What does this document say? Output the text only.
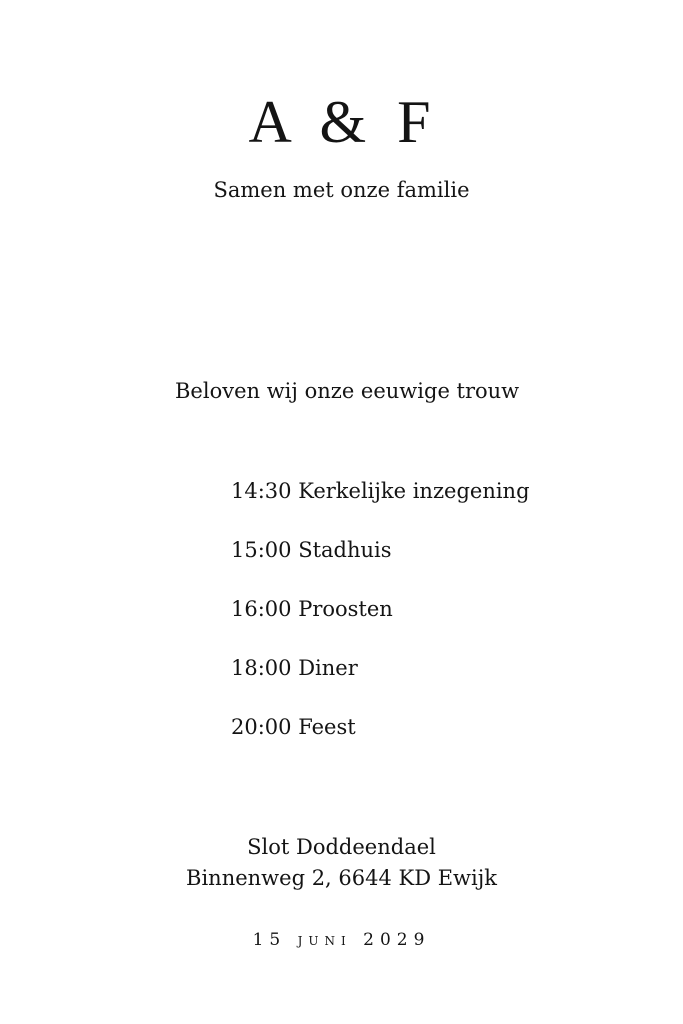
A & F
Samen met onze familie
Beloven wij onze eeuwige trouw
14:30 Kerkelijke inzegening
15:00 Stadhuis
16:00 Proosten
18:00 Diner
20:00 Feest
Slot Doddeendael
Binnenweg 2, 6644 KD Ewijk
15 juni 2029
